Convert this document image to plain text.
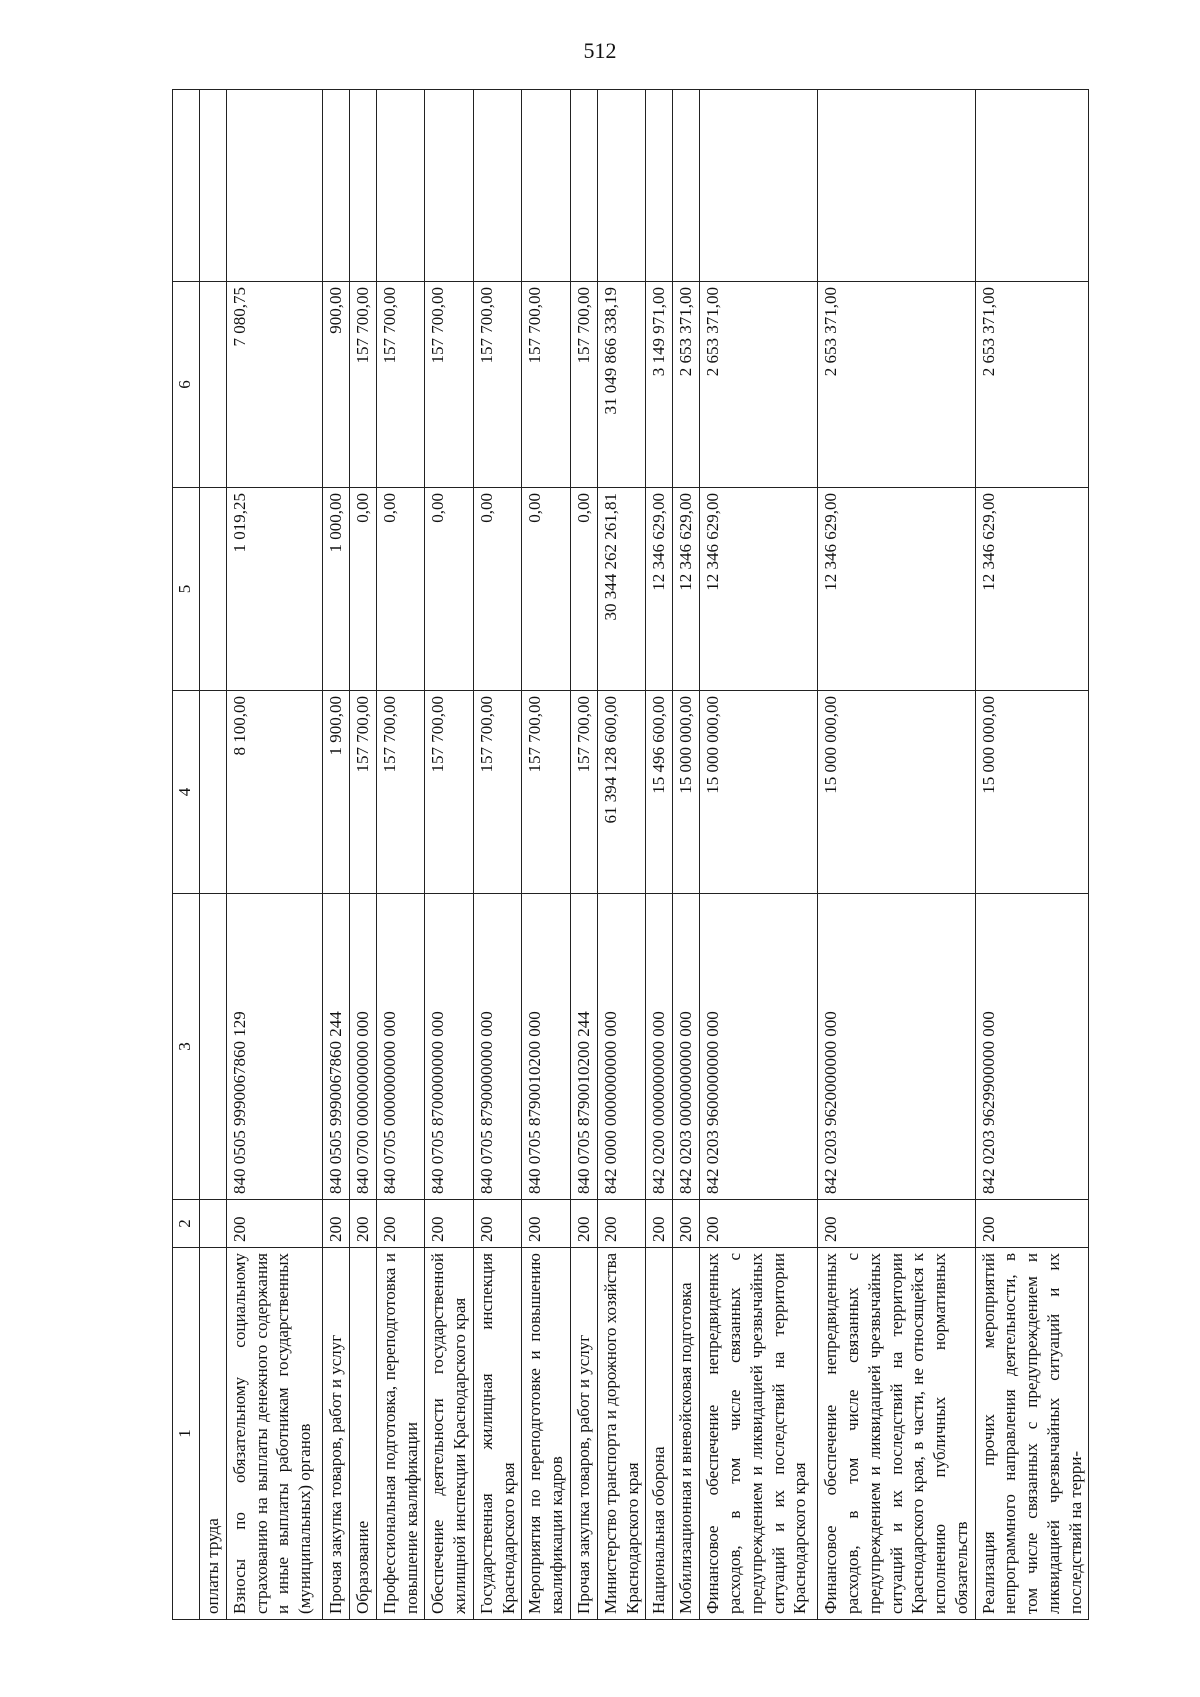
512
1	2	3	4	5	6	
оплаты труда						
Взносы по обязательному социальному страхованию на выплаты денежного содержания и иные выплаты работникам государственных (муниципальных) органов	200	840 0505 9990067860 129	8 100,00	1 019,25	7 080,75	
Прочая закупка товаров, работ и услуг	200	840 0505 9990067860 244	1 900,00	1 000,00	900,00	
Образование	200	840 0700 0000000000 000	157 700,00	0,00	157 700,00	
Профессиональная подготовка, переподготовка и повышение квалификации	200	840 0705 0000000000 000	157 700,00	0,00	157 700,00	
Обеспечение деятельности государственной жилищной инспекции Краснодарского края	200	840 0705 8700000000 000	157 700,00	0,00	157 700,00	
Государственная жилищная инспекция Краснодарского края	200	840 0705 8790000000 000	157 700,00	0,00	157 700,00	
Мероприятия по переподготовке и повышению квалификации кадров	200	840 0705 8790010200 000	157 700,00	0,00	157 700,00	
Прочая закупка товаров, работ и услуг	200	840 0705 8790010200 244	157 700,00	0,00	157 700,00	
Министерство транспорта и дорожного хозяйства Краснодарского края	200	842 0000 0000000000 000	61 394 128 600,00	30 344 262 261,81	31 049 866 338,19	
Национальная оборона	200	842 0200 0000000000 000	15 496 600,00	12 346 629,00	3 149 971,00	
Мобилизационная и вневойсковая подготовка	200	842 0203 0000000000 000	15 000 000,00	12 346 629,00	2 653 371,00	
Финансовое обеспечение непредвиденных расходов, в том числе связанных с предупреждением и ликвидацией чрезвычайных ситуаций и их последствий на территории Краснодарского края	200	842 0203 9600000000 000	15 000 000,00	12 346 629,00	2 653 371,00	
Финансовое обеспечение непредвиденных расходов, в том числе связанных с предупреждением и ликвидацией чрезвычайных ситуаций и их последствий на территории Краснодарского края, в части, не относящейся к исполнению публичных нормативных обязательств	200	842 0203 9620000000 000	15 000 000,00	12 346 629,00	2 653 371,00	
Реализация прочих мероприятий непрограммного направления деятельности, в том числе связанных с предупреждением и ликвидацией чрезвычайных ситуаций и их последствий на терри-	200	842 0203 9629900000 000	15 000 000,00	12 346 629,00	2 653 371,00	
